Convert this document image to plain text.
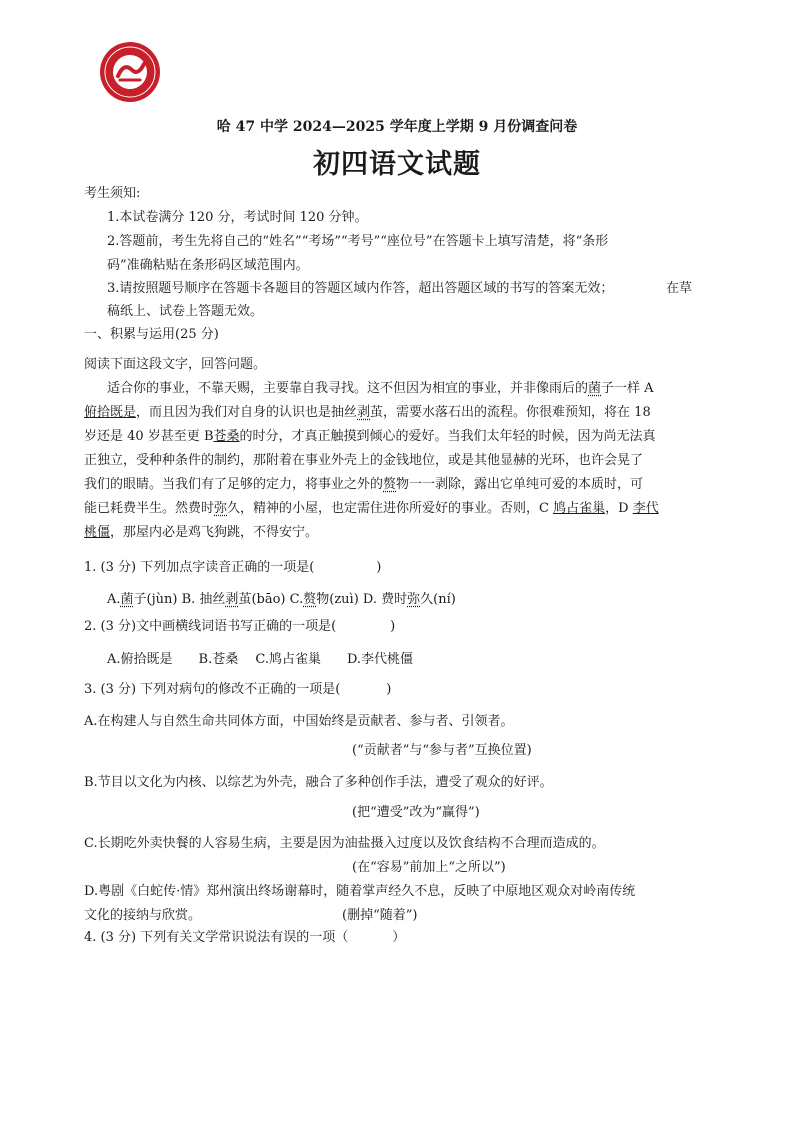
哈 47 中学 2024—2025 学年度上学期 9 月份调查问卷
初四语文试题
考生须知:
1.本试卷满分 120 分，考试时间 120 分钟。
2.答题前，考生先将自己的“姓名”“考场”“考号”“座位号”在答题卡上填写清楚，将“条形
码”准确粘贴在条形码区域范围内。
3.请按照题号顺序在答题卡各题目的答题区域内作答，超出答题区域的书写的答案无效；	在草
稿纸上、试卷上答题无效。
一、积累与运用(25 分)
阅读下面这段文字，回答问题。
适合你的事业，不靠天赐，主要靠自我寻找。这不但因为相宜的事业，并非像雨后的菌子一样 A
俯拾既是，而且因为我们对自身的认识也是抽丝剥茧，需要水落石出的流程。你很难预知，将在 18
岁还是 40 岁甚至更 B苍桑的时分，才真正触摸到倾心的爱好。当我们太年轻的时候，因为尚无法真
正独立，受种种条件的制约，那附着在事业外壳上的金钱地位，或是其他显赫的光环，也许会晃了
我们的眼睛。当我们有了足够的定力，将事业之外的赘物一一剥除，露出它单纯可爱的本质时，可
能已耗费半生。然费时弥久，精神的小屋，也定需住进你所爱好的事业。否则，C 鸠占雀巢，D 李代
桃僵，那屋内必是鸡飞狗跳，不得安宁。
1. (3 分) 下列加点字读音正确的一项是(	)
A.菌子(jùn) B. 抽丝剥茧(bāo) C.赘物(zuì) D. 费时弥久(ní)
2. (3 分)文中画横线词语书写正确的一项是(	)
A.俯拾既是　　B.苍桑　 C.鸠占雀巢　　D.李代桃僵
3. (3 分) 下列对病句的修改不正确的一项是(	)
A.在构建人与自然生命共同体方面，中国始终是贡献者、参与者、引领者。
(“贡献者”与“参与者”互换位置)
B.节目以文化为内核、以综艺为外壳，融合了多种创作手法，遭受了观众的好评。
(把“遭受”改为“赢得”)
C.长期吃外卖快餐的人容易生病，主要是因为油盐摄入过度以及饮食结构不合理而造成的。
(在“容易”前加上“之所以”)
D.粤剧《白蛇传·情》郑州演出终场谢幕时，随着掌声经久不息，反映了中原地区观众对岭南传统
文化的接纳与欣赏。	(删掉“随着”)
4. (3 分) 下列有关文学常识说法有误的一项（	）
